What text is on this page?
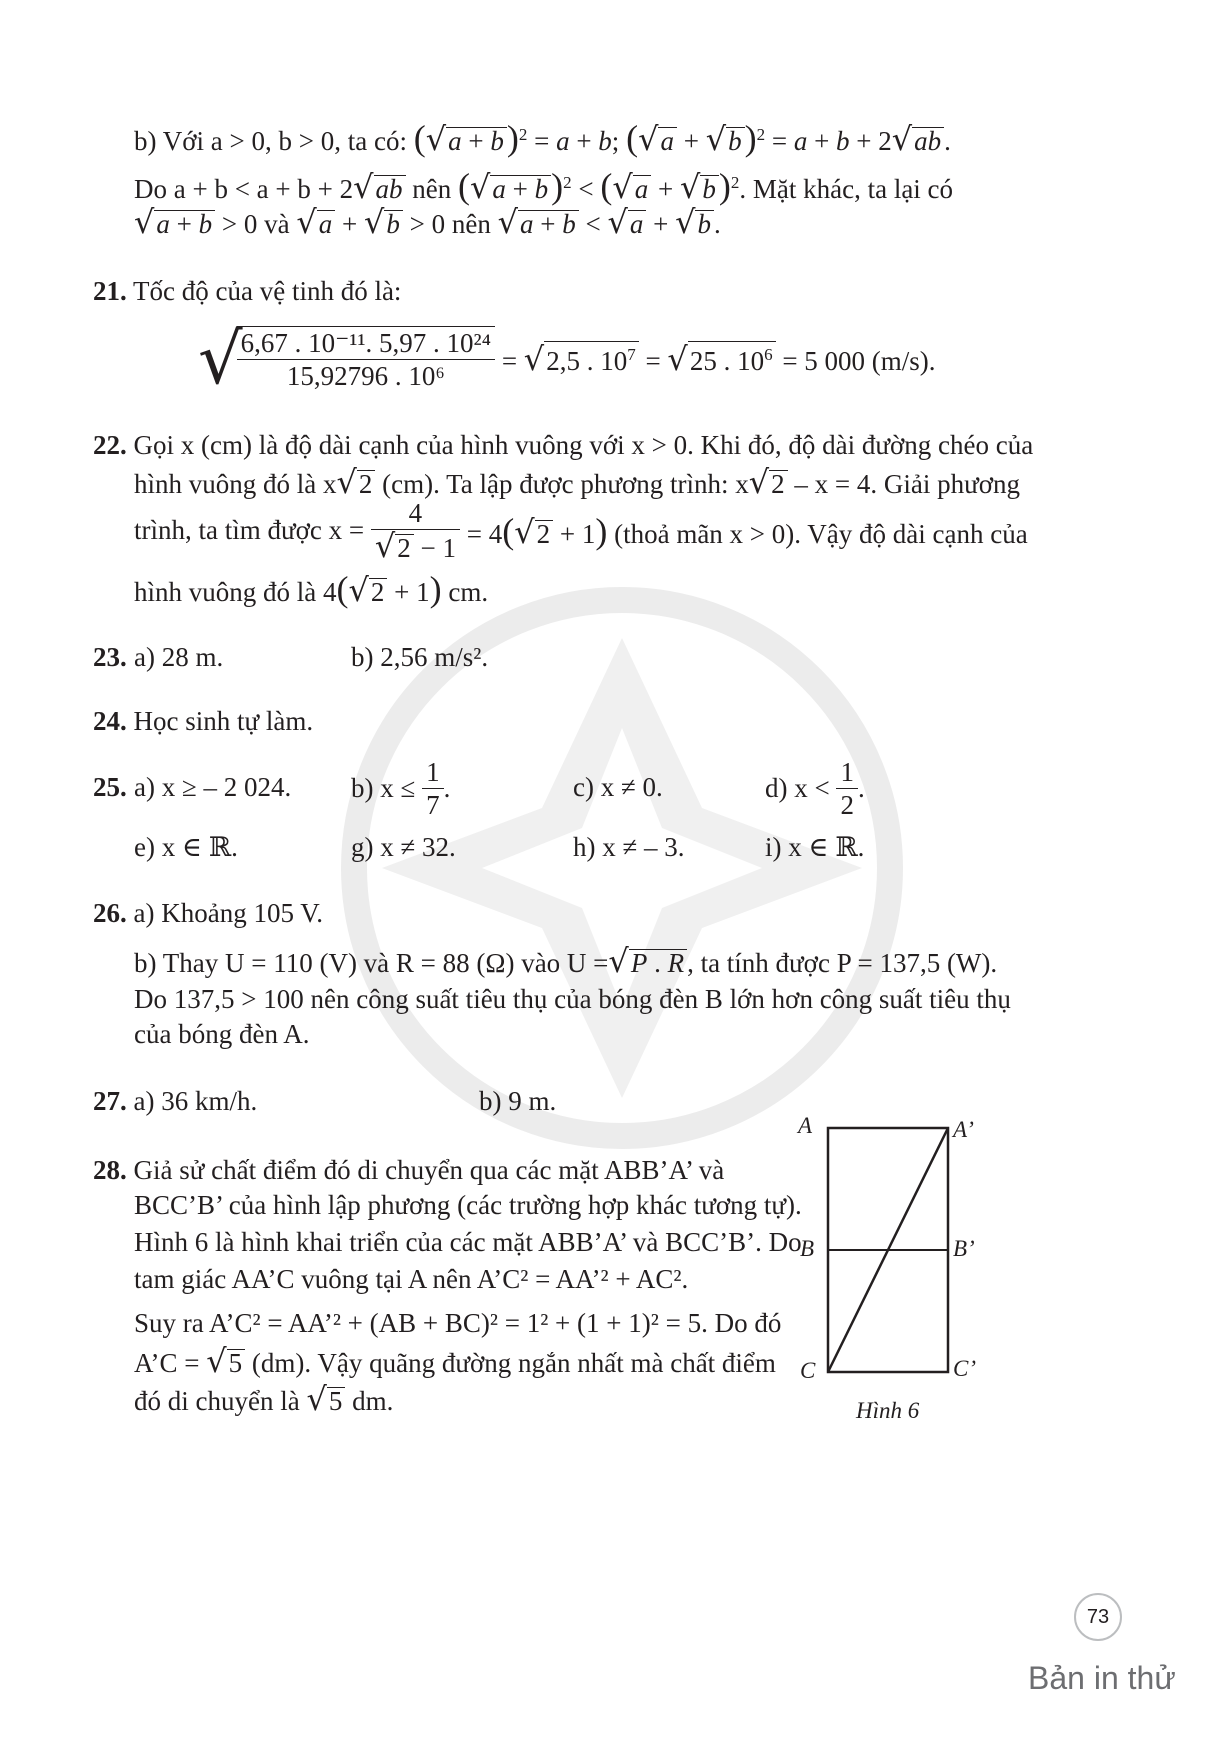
b) Với a > 0, b > 0, ta có: $(√a + b)^2 = a + b$; $(√a + √b)^2 = a + b + 2√ab$ .
Do a + b < a + b + 2√ab nên $(√a + b)^2 < (√a + √b)^2$. Mặt khác, ta lại có
√a + b > 0 và √a + √b > 0 nên √a + b < √a + √b .
21. Tốc độ của vệ tinh đó là:
√
$\frac{\text{6,67 . 10⁻¹¹. 5,97 . 10²⁴}}{\text{15,92796 . 10⁶}} = √2,5$ . $10^7 = √25$ . $10^6 = 5$ 000 (m/s).
22. Gọi x (cm) là độ dài cạnh của hình vuông với x > 0. Khi đó, độ dài đường chéo của
hình vuông đó là x√2 (cm). Ta lập được phương trình: x√2 – x = 4. Giải phương
trình, ta tìm được $x = \frac{4}{√2 - 1} = 4(√2 + 1)$ (thoả mãn x > 0). Vậy độ dài cạnh của
hình vuông đó là 4(√2 + 1) cm.
23. a) 28 m.	b) 2,56 m/s².
24. Học sinh tự làm.
25. a) x ≥ – 2 024. b) $x \le \frac{1}{7}$ .	c) x ≠ 0.	d) $x < \frac{1}{2}$ .
e) x ∈ ℝ.	g) x ≠ 32.	h) x ≠ – 3.	i) x ∈ ℝ.
26. a) Khoảng 105 V.
b) Thay U = 110 (V) và R = 88 (Ω) vào U =√P . R , ta tính được P = 137,5 (W).
Do 137,5 > 100 nên công suất tiêu thụ của bóng đèn B lớn hơn công suất tiêu thụ
của bóng đèn A.
27. a) 36 km/h.	b) 9 m.
28. Giả sử chất điểm đó di chuyển qua các mặt ABB’A’ và
BCC’B’ của hình lập phương (các trường hợp khác tương tự).
Hình 6 là hình khai triển của các mặt ABB’A’ và BCC’B’. Do
tam giác AA’C vuông tại A nên A’C² = AA’² + AC².
Suy ra A’C² = AA’² + (AB + BC)² = 1² + (1 + 1)² = 5. Do đó
A’C = √5 (dm). Vậy quãng đường ngắn nhất mà chất điểm
đó di chuyển là √5 dm.
A	A’
B	B’
C	C’
Hình 6
73
Bản in thử
